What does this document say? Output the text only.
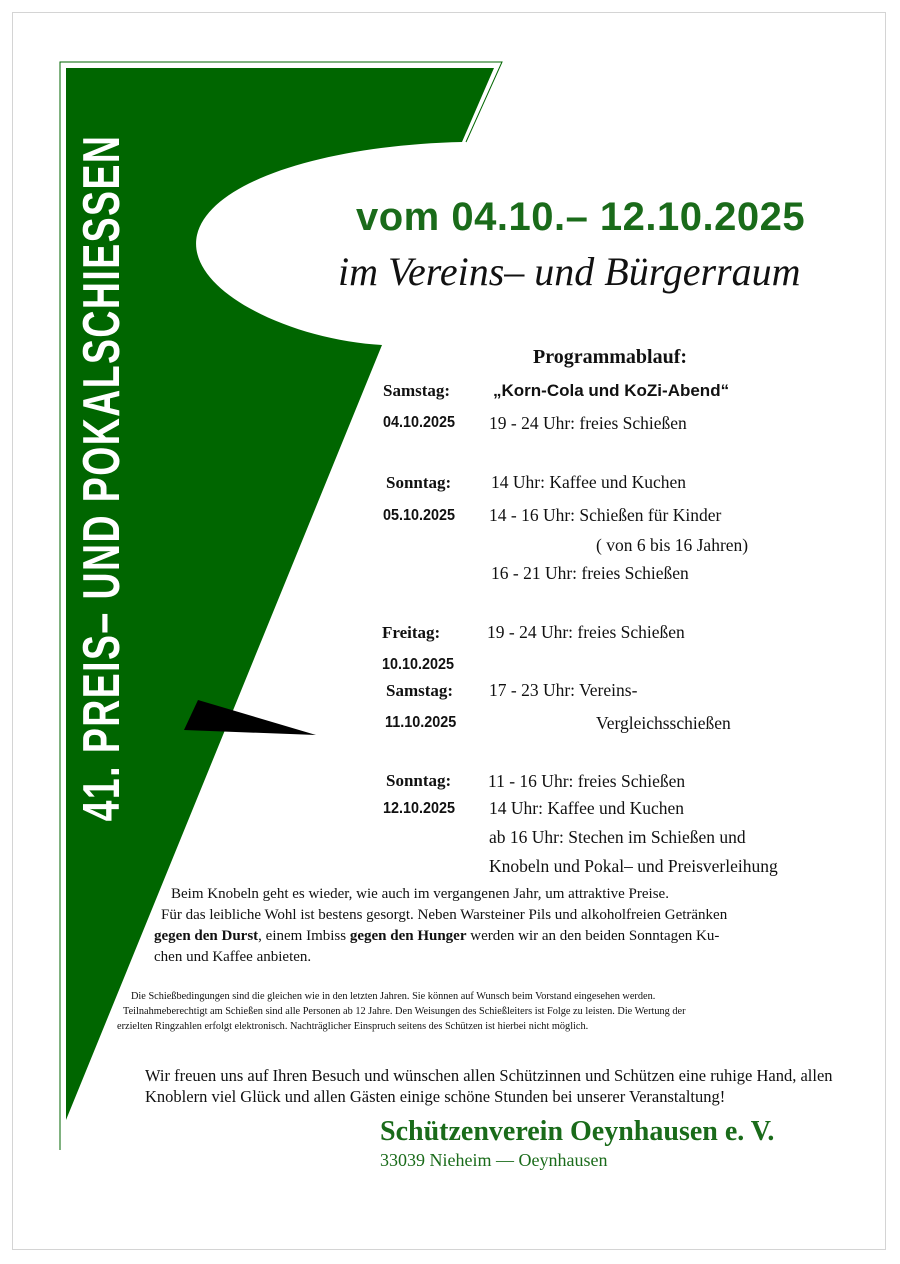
41. PREIS– UND POKALSCHIESSEN	vom 04.10.– 12.10.2025
im Vereins– und Bürgerraum
Programmablauf:
Samstag:	„Korn-Cola und KoZi-Abend“
04.10.2025 19 - 24 Uhr: freies Schießen
Sonntag: 14 Uhr: Kaffee und Kuchen
05.10.2025 14 - 16 Uhr: Schießen für Kinder
( von 6 bis 16 Jahren)
16 - 21 Uhr: freies Schießen
Freitag:	19 - 24 Uhr: freies Schießen
10.10.2025
Samstag: 17 - 23 Uhr: Vereins-
11.10.2025	Vergleichsschießen
Sonntag: 11 - 16 Uhr: freies Schießen
12.10.2025 14 Uhr: Kaffee und Kuchen
ab 16 Uhr: Stechen im Schießen und
Knobeln und Pokal– und Preisverleihung
Beim Knobeln geht es wieder, wie auch im vergangenen Jahr, um attraktive Preise.
Für das leibliche Wohl ist bestens gesorgt. Neben Warsteiner Pils und alkoholfreien Getränken
gegen den Durst, einem Imbiss gegen den Hunger werden wir an den beiden Sonntagen Ku-
chen und Kaffee anbieten.
Die Schießbedingungen sind die gleichen wie in den letzten Jahren. Sie können auf Wunsch beim Vorstand eingesehen werden.
Teilnahmeberechtigt am Schießen sind alle Personen ab 12 Jahre. Den Weisungen des Schießleiters ist Folge zu leisten. Die Wertung der
erzielten Ringzahlen erfolgt elektronisch. Nachträglicher Einspruch seitens des Schützen ist hierbei nicht möglich.
Wir freuen uns auf Ihren Besuch und wünschen allen Schützinnen und Schützen eine ruhige Hand, allen Knoblern viel Glück und allen Gästen einige schöne Stunden bei unserer Veranstaltung!
Schützenverein Oeynhausen e. V.
33039 Nieheim — Oeynhausen
